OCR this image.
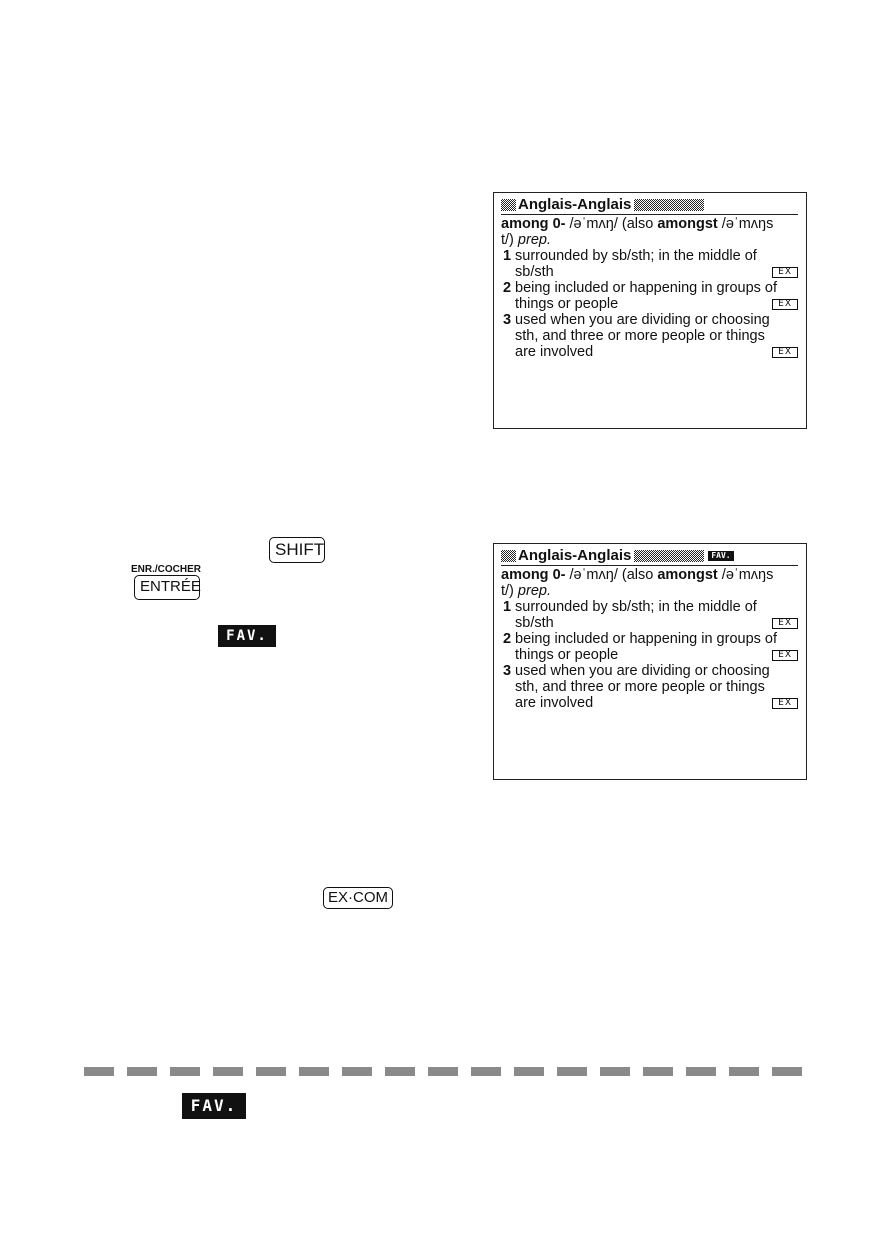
Anglais-Anglais
among 0‑ /əˈmʌŋ/ (also amongst /əˈmʌŋs
t/) prep.
1 surrounded by sb/sth; in the middle of
sb/sth	EX
2 being included or happening in groups of
things or people	EX
3 used when you are dividing or choosing
sth, and three or more people or things
are involved	EX
SHIFT
ENR./COCHER
ENTRÉE
FAV.
Anglais-Anglais	FAV.
among 0‑ /əˈmʌŋ/ (also amongst /əˈmʌŋs
t/) prep.
1 surrounded by sb/sth; in the middle of
sb/sth	EX
2 being included or happening in groups of
things or people	EX
3 used when you are dividing or choosing
sth, and three or more people or things
are involved	EX
EX·COM
FAV.
